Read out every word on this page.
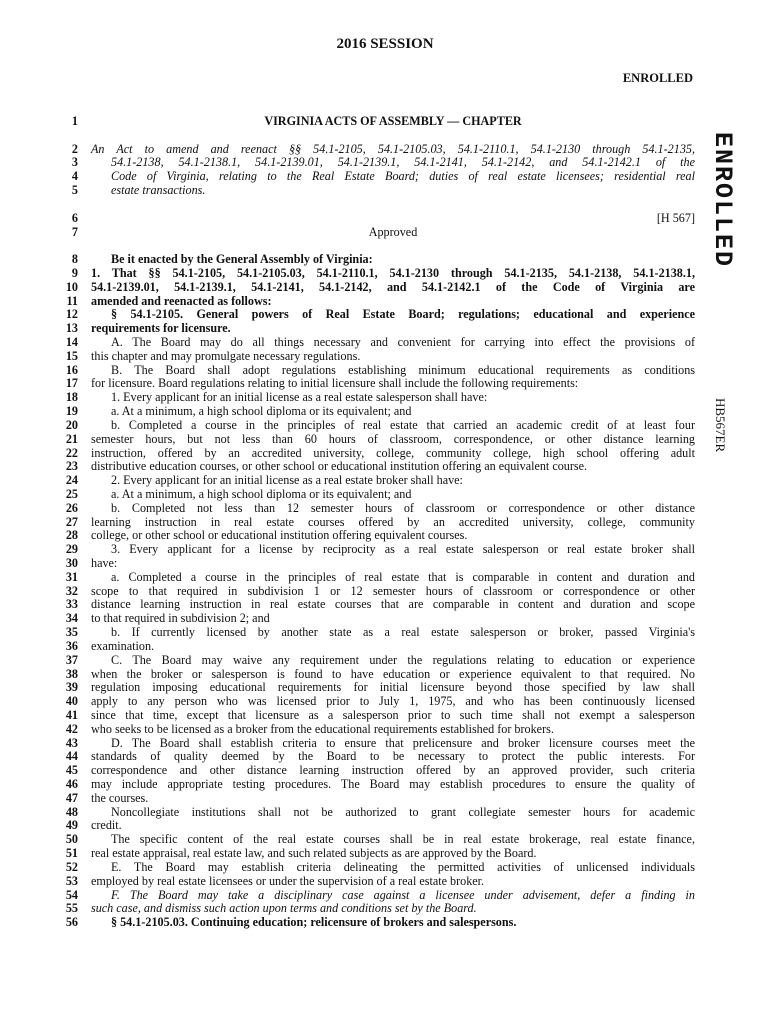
2016 SESSION
ENROLLED
ENROLLED
HB567ER
1	VIRGINIA ACTS OF ASSEMBLY — CHAPTER
2 An Act to amend and reenact §§ 54.1-2105, 54.1-2105.03, 54.1-2110.1, 54.1-2130 through 54.1-2135,
3	54.1-2138, 54.1-2138.1, 54.1-2139.01, 54.1-2139.1, 54.1-2141, 54.1-2142, and 54.1-2142.1 of the
4	Code of Virginia, relating to the Real Estate Board; duties of real estate licensees; residential real
5	estate transactions.
6	[H 567]
7	Approved
8	Be it enacted by the General Assembly of Virginia:
9 1. That §§ 54.1-2105, 54.1-2105.03, 54.1-2110.1, 54.1-2130 through 54.1-2135, 54.1-2138, 54.1-2138.1,
10 54.1-2139.01, 54.1-2139.1, 54.1-2141, 54.1-2142, and 54.1-2142.1 of the Code of Virginia are
11 amended and reenacted as follows:
12	§ 54.1-2105. General powers of Real Estate Board; regulations; educational and experience
13 requirements for licensure.
14	A. The Board may do all things necessary and convenient for carrying into effect the provisions of
15 this chapter and may promulgate necessary regulations.
16	B. The Board shall adopt regulations establishing minimum educational requirements as conditions
17 for licensure. Board regulations relating to initial licensure shall include the following requirements:
18	1. Every applicant for an initial license as a real estate salesperson shall have:
19	a. At a minimum, a high school diploma or its equivalent; and
20	b. Completed a course in the principles of real estate that carried an academic credit of at least four
21 semester hours, but not less than 60 hours of classroom, correspondence, or other distance learning
22 instruction, offered by an accredited university, college, community college, high school offering adult
23 distributive education courses, or other school or educational institution offering an equivalent course.
24	2. Every applicant for an initial license as a real estate broker shall have:
25	a. At a minimum, a high school diploma or its equivalent; and
26	b. Completed not less than 12 semester hours of classroom or correspondence or other distance
27 learning instruction in real estate courses offered by an accredited university, college, community
28 college, or other school or educational institution offering equivalent courses.
29	3. Every applicant for a license by reciprocity as a real estate salesperson or real estate broker shall
30 have:
31	a. Completed a course in the principles of real estate that is comparable in content and duration and
32 scope to that required in subdivision 1 or 12 semester hours of classroom or correspondence or other
33 distance learning instruction in real estate courses that are comparable in content and duration and scope
34 to that required in subdivision 2; and
35	b. If currently licensed by another state as a real estate salesperson or broker, passed Virginia's
36 examination.
37	C. The Board may waive any requirement under the regulations relating to education or experience
38 when the broker or salesperson is found to have education or experience equivalent to that required. No
39 regulation imposing educational requirements for initial licensure beyond those specified by law shall
40 apply to any person who was licensed prior to July 1, 1975, and who has been continuously licensed
41 since that time, except that licensure as a salesperson prior to such time shall not exempt a salesperson
42 who seeks to be licensed as a broker from the educational requirements established for brokers.
43	D. The Board shall establish criteria to ensure that prelicensure and broker licensure courses meet the
44 standards of quality deemed by the Board to be necessary to protect the public interests. For
45 correspondence and other distance learning instruction offered by an approved provider, such criteria
46 may include appropriate testing procedures. The Board may establish procedures to ensure the quality of
47 the courses.
48	Noncollegiate institutions shall not be authorized to grant collegiate semester hours for academic
49 credit.
50	The specific content of the real estate courses shall be in real estate brokerage, real estate finance,
51 real estate appraisal, real estate law, and such related subjects as are approved by the Board.
52	E. The Board may establish criteria delineating the permitted activities of unlicensed individuals
53 employed by real estate licensees or under the supervision of a real estate broker.
54	F. The Board may take a disciplinary case against a licensee under advisement, defer a finding in
55 such case, and dismiss such action upon terms and conditions set by the Board.
56	§ 54.1-2105.03. Continuing education; relicensure of brokers and salespersons.
